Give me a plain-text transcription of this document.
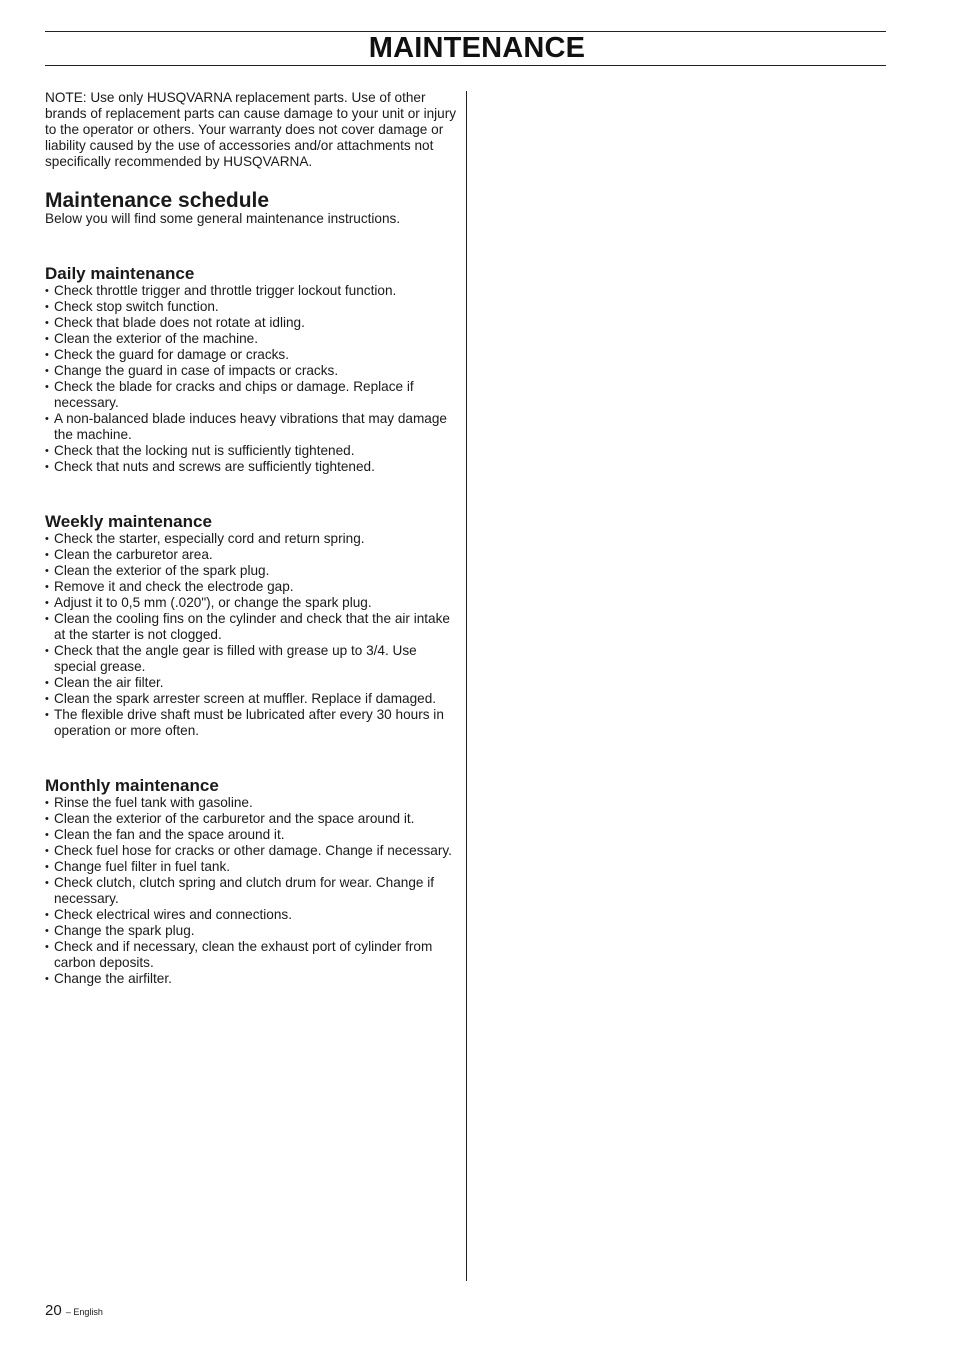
MAINTENANCE

NOTE: Use only HUSQVARNA replacement parts. Use of other brands of replacement parts can cause damage to your unit or injury to the operator or others. Your warranty does not cover damage or liability caused by the use of accessories and/or attachments not specifically recommended by HUSQVARNA.

Maintenance schedule

Below you will find some general maintenance instructions.

Daily maintenance
• Check throttle trigger and throttle trigger lockout function.
• Check stop switch function.
• Check that blade does not rotate at idling.
• Clean the exterior of the machine.
• Check the guard for damage or cracks.
• Change the guard in case of impacts or cracks.
• Check the blade for cracks and chips or damage. Replace if necessary.
• A non-balanced blade induces heavy vibrations that may damage the machine.
• Check that the locking nut is sufficiently tightened.
• Check that nuts and screws are sufficiently tightened.
Weekly maintenance
• Check the starter, especially cord and return spring.
• Clean the carburetor area.
• Clean the exterior of the spark plug.
• Remove it and check the electrode gap.
• Adjust it to 0,5 mm (.020"), or change the spark plug.
• Clean the cooling fins on the cylinder and check that the air intake at the starter is not clogged.
• Check that the angle gear is filled with grease up to 3/4. Use special grease.
• Clean the air filter.
• Clean the spark arrester screen at muffler. Replace if damaged.
• The flexible drive shaft must be lubricated after every 30 hours in operation or more often.
Monthly maintenance
• Rinse the fuel tank with gasoline.
• Clean the exterior of the carburetor and the space around it.
• Clean the fan and the space around it.
• Check fuel hose for cracks or other damage. Change if necessary.
• Change fuel filter in fuel tank.
• Check clutch, clutch spring and clutch drum for wear. Change if necessary.
• Check electrical wires and connections.
• Change the spark plug.
• Check and if necessary, clean the exhaust port of cylinder from carbon deposits.
• Change the airfilter.
20 – English
